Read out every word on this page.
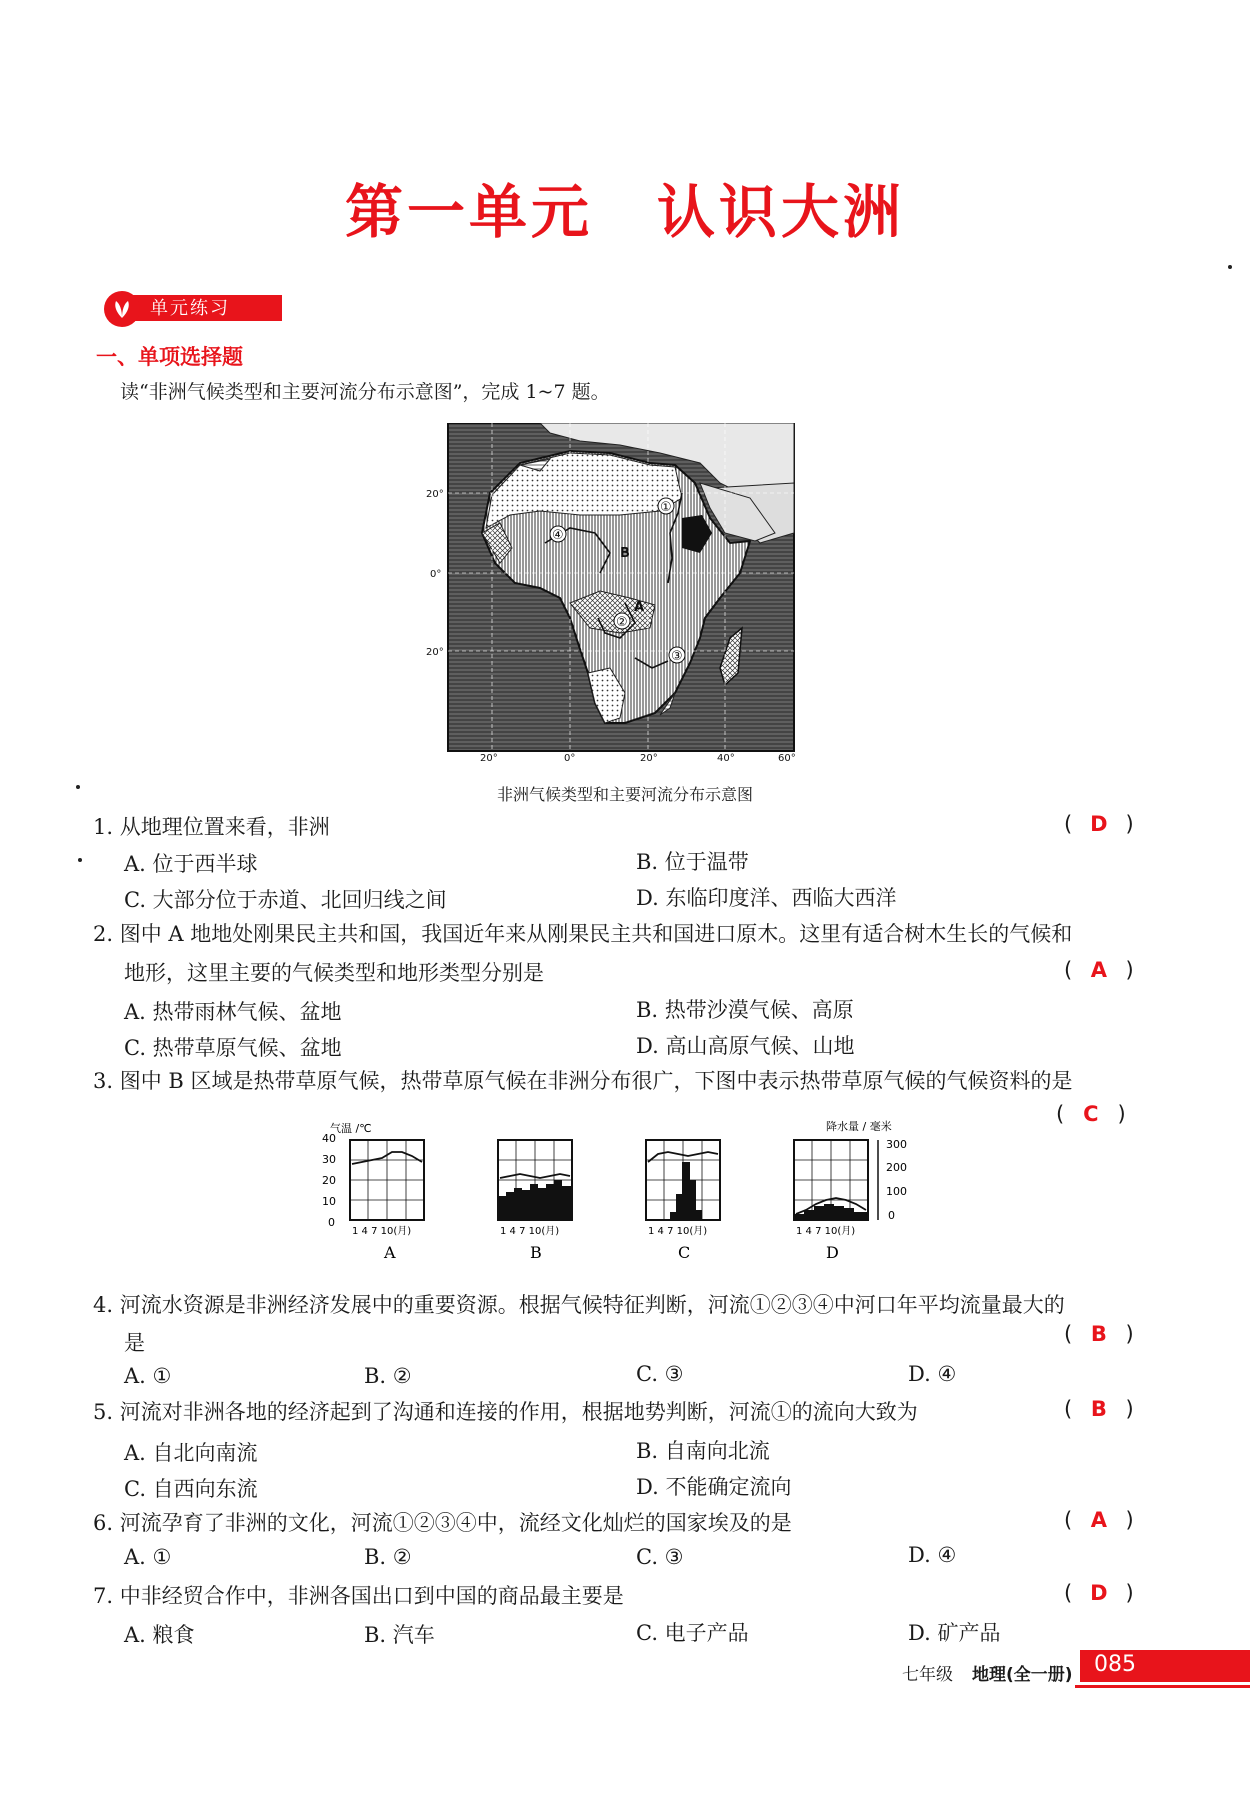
第一单元 认识大洲
单元练习
一、单项选择题
读“非洲气候类型和主要河流分布示意图”，完成 1~7 题。
①
②
③
④
A
B
20°
0°
20°
20°	0°	20°	40°	60°
非洲气候类型和主要河流分布示意图
1. 从地理位置来看，非洲	( D )
A. 位于西半球	B. 位于温带
C. 大部分位于赤道、北回归线之间	D. 东临印度洋、西临大西洋
2. 图中 A 地地处刚果民主共和国，我国近年来从刚果民主共和国进口原木。这里有适合树木生长的气候和
地形，这里主要的气候类型和地形类型分别是	( A )
A. 热带雨林气候、盆地	B. 热带沙漠气候、高原
C. 热带草原气候、盆地	D. 高山高原气候、山地
3. 图中 B 区域是热带草原气候，热带草原气候在非洲分布很广，下图中表示热带草原气候的气候资料的是
( C )
气温 /℃	降水量 / 毫米
40
30
20
10
0
300
200
100
0
1 4 7 10(月)
A
1 4 7 10(月)
B
1 4 7 10(月)
C
1 4 7 10(月)
D
4. 河流水资源是非洲经济发展中的重要资源。根据气候特征判断，河流①②③④中河口年平均流量最大的
是	( B )
A. ①	B. ②	C. ③	D. ④
5. 河流对非洲各地的经济起到了沟通和连接的作用，根据地势判断，河流①的流向大致为	( B )
A. 自北向南流	B. 自南向北流
C. 自西向东流	D. 不能确定流向
6. 河流孕育了非洲的文化，河流①②③④中，流经文化灿烂的国家埃及的是	( A )
A. ①	B. ②	C. ③	D. ④
7. 中非经贸合作中，非洲各国出口到中国的商品最主要是	( D )
A. 粮食	B. 汽车	C. 电子产品	D. 矿产品
七年级 地理(全一册) 085
